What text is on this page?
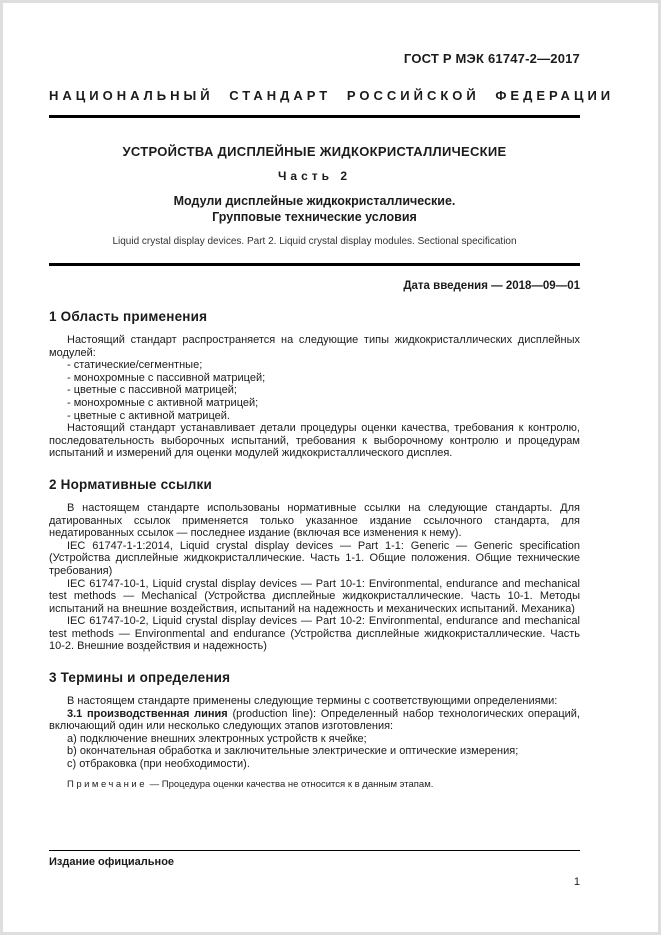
ГОСТ Р МЭК 61747-2—2017
НАЦИОНАЛЬНЫЙ СТАНДАРТ РОССИЙСКОЙ ФЕДЕРАЦИИ
УСТРОЙСТВА ДИСПЛЕЙНЫЕ ЖИДКОКРИСТАЛЛИЧЕСКИЕ
Часть 2
Модули дисплейные жидкокристаллические.
Групповые технические условия
Liquid crystal display devices. Part 2. Liquid crystal display modules. Sectional specification
Дата введения — 2018—09—01
1 Область применения

Настоящий стандарт распространяется на следующие типы жидкокристаллических дисплейных модулей:

- статические/сегментные;
- монохромные с пассивной матрицей;
- цветные с пассивной матрицей;
- монохромные с активной матрицей;
- цветные с активной матрицей.

Настоящий стандарт устанавливает детали процедуры оценки качества, требования к контролю, последовательность выборочных испытаний, требования к выборочному контролю и процедурам испытаний и измерений для оценки модулей жидкокристаллического дисплея.

2 Нормативные ссылки

В настоящем стандарте использованы нормативные ссылки на следующие стандарты. Для датированных ссылок применяется только указанное издание ссылочного стандарта, для недатированных ссылок — последнее издание (включая все изменения к нему).

IEC 61747-1-1:2014, Liquid crystal display devices — Part 1-1: Generic — Generic specification (Устройства дисплейные жидкокристаллические. Часть 1-1. Общие положения. Общие технические требования)

IEC 61747-10-1, Liquid crystal display devices — Part 10-1: Environmental, endurance and mechanical test methods — Mechanical (Устройства дисплейные жидкокристаллические. Часть 10-1. Методы испытаний на внешние воздействия, испытаний на надежность и механических испытаний. Механика)

IEC 61747-10-2, Liquid crystal display devices — Part 10-2: Environmental, endurance and mechanical test methods — Environmental and endurance (Устройства дисплейные жидкокристаллические. Часть 10-2. Внешние воздействия и надежность)

3 Термины и определения

В настоящем стандарте применены следующие термины с соответствующими определениями:

3.1 производственная линия (production line): Определенный набор технологических операций, включающий один или несколько следующих этапов изготовления:

a) подключение внешних электронных устройств к ячейке;
b) окончательная обработка и заключительные электрические и оптические измерения;
c) отбраковка (при необходимости).

Примечание — Процедура оценки качества не относится к в данным этапам.

Издание официальное
1
